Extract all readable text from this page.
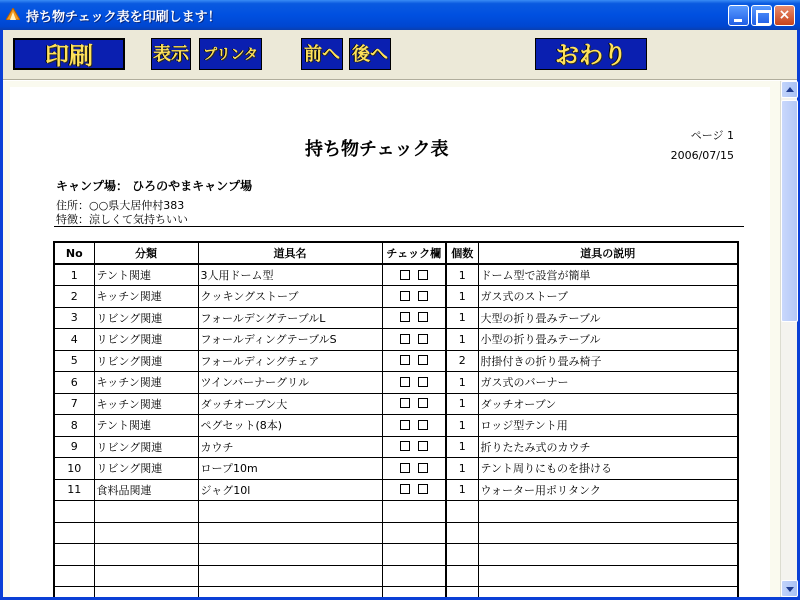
持ち物チェック表を印刷します！	×
印刷	表示 プリンタ	前へ 後へ	おわり
持ち物チェック表
ページ 1
2006/07/15
キャンプ場： ひろのやまキャンプ場
住所：○○県大居仲村383
特徴：涼しくて気持ちいい
No	分類	道具名	チェック欄	個数	道具の説明
1	テント関連	3人用ドーム型		1	ドーム型で設営が簡単
2	キッチン関連	クッキングストーブ		1	ガス式のストーブ
3	リビング関連	フォールデングテーブルL		1	大型の折り畳みテーブル
4	リビング関連	フォールディングテーブルS		1	小型の折り畳みテーブル
5	リビング関連	フォールディングチェア		2	肘掛付きの折り畳み椅子
6	キッチン関連	ツインバーナーグリル		1	ガス式のバーナー
7	キッチン関連	ダッチオーブン大		1	ダッチオーブン
8	テント関連	ペグセット(8本)		1	ロッジ型テント用
9	リビング関連	カウチ		1	折りたたみ式のカウチ
10	リビング関連	ロープ10m		1	テント周りにものを掛ける
11	食料品関連	ジャグ10l		1	ウォーター用ポリタンク
